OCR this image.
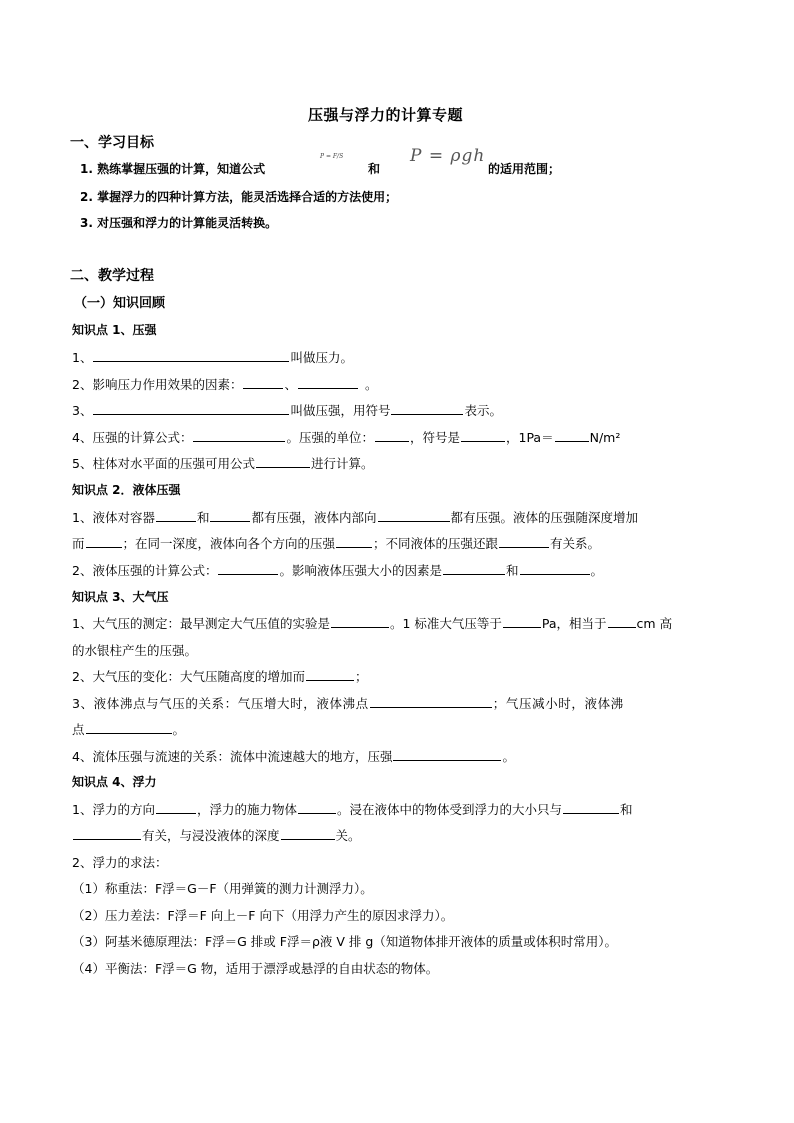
压强与浮力的计算专题
一、学习目标
1. 熟练掌握压强的计算，知道公式
P = F/S
和
P = ρgh
的适用范围；
2. 掌握浮力的四种计算方法，能灵活选择合适的方法使用；
3. 对压强和浮力的计算能灵活转换。
二、教学过程
（一）知识回顾
知识点 1、压强
1、	叫做压力。
2、影响压力作用效果的因素：	、	。
3、	叫做压强，用符号	表示。
4、压强的计算公式：	。压强的单位：	，符号是	，1Pa＝	N/m²
5、柱体对水平面的压强可用公式	进行计算。
知识点 2．液体压强
1、液体对容器	和	都有压强，液体内部向	都有压强。液体的压强随深度增加
而	；在同一深度，液体向各个方向的压强	；不同液体的压强还跟	有关系。
2、液体压强的计算公式：	。影响液体压强大小的因素是	和	。
知识点 3、大气压
1、大气压的测定：最早测定大气压值的实验是	。1 标准大气压等于	Pa，相当于 cm 高
的水银柱产生的压强。
2、大气压的变化：大气压随高度的增加而	；
3、液体沸点与气压的关系：气压增大时，液体沸点	；气压减小时，液体沸
点	。
4、流体压强与流速的关系：流体中流速越大的地方，压强	。
知识点 4、浮力
1、浮力的方向	，浮力的施力物体	。浸在液体中的物体受到浮力的大小只与	和
有关，与浸没液体的深度	关。
2、浮力的求法：
（1）称重法：F浮＝G－F（用弹簧的测力计测浮力）。
（2）压力差法：F浮＝F 向上－F 向下（用浮力产生的原因求浮力）。
（3）阿基米德原理法：F浮＝G 排或 F浮＝ρ液 V 排 g（知道物体排开液体的质量或体积时常用）。
（4）平衡法：F浮＝G 物，适用于漂浮或悬浮的自由状态的物体。
